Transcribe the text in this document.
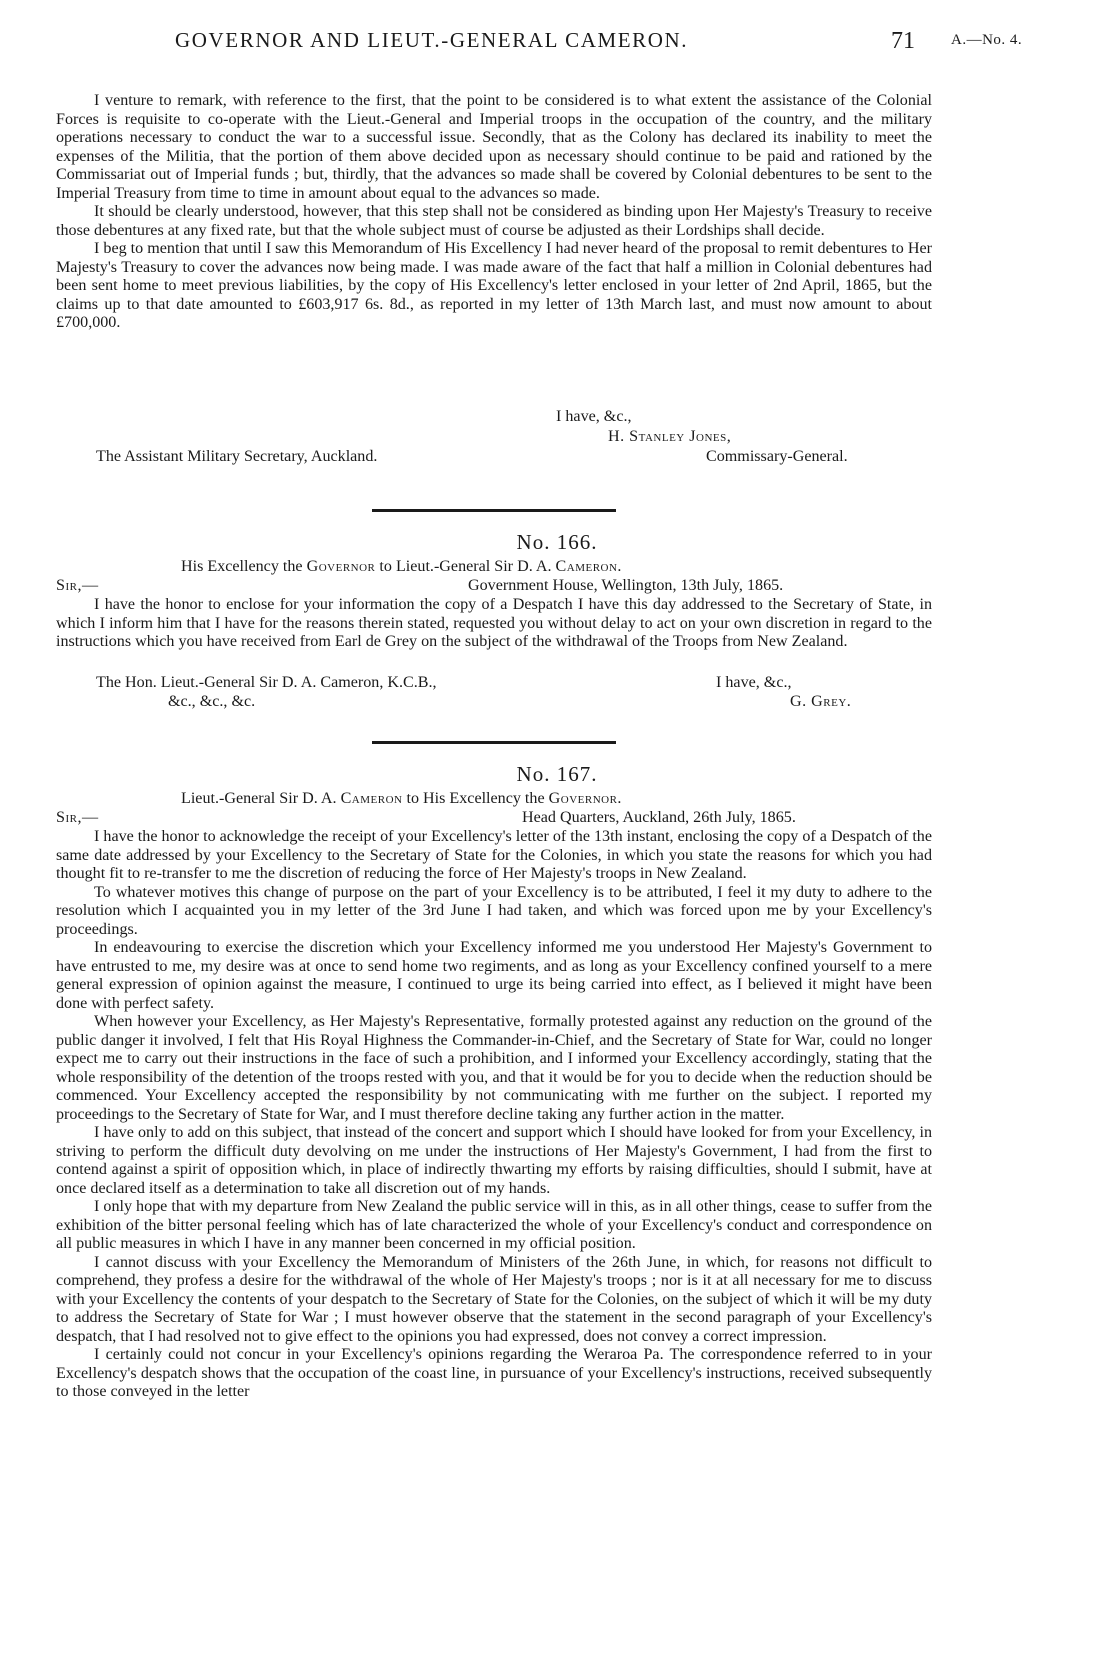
GOVERNOR AND LIEUT.-GENERAL CAMERON.	71 A.—No. 4.

I venture to remark, with reference to the first, that the point to be considered is to what extent the assistance of the Colonial Forces is requisite to co-operate with the Lieut.-General and Imperial troops in the occupation of the country, and the military operations necessary to conduct the war to a successful issue. Secondly, that as the Colony has declared its inability to meet the expenses of the Militia, that the portion of them above decided upon as necessary should continue to be paid and rationed by the Commissariat out of Imperial funds ; but, thirdly, that the advances so made shall be covered by Colonial debentures to be sent to the Imperial Treasury from time to time in amount about equal to the advances so made.

It should be clearly understood, however, that this step shall not be considered as binding upon Her Majesty's Treasury to receive those debentures at any fixed rate, but that the whole subject must of course be adjusted as their Lordships shall decide.

I beg to mention that until I saw this Memorandum of His Excellency I had never heard of the proposal to remit debentures to Her Majesty's Treasury to cover the advances now being made. I was made aware of the fact that half a million in Colonial debentures had been sent home to meet previous liabilities, by the copy of His Excellency's letter enclosed in your letter of 2nd April, 1865, but the claims up to that date amounted to £603,917 6s. 8d., as reported in my letter of 13th March last, and must now amount to about £700,000.

I have, &c.,
H. Stanley Jones,
The Assistant Military Secretary, Auckland.	Commissary-General.
No. 166.
His Excellency the Governor to Lieut.-General Sir D. A. Cameron.
Sir,—	Government House, Wellington, 13th July, 1865.

I have the honor to enclose for your information the copy of a Despatch I have this day addressed to the Secretary of State, in which I inform him that I have for the reasons therein stated, requested you without delay to act on your own discretion in regard to the instructions which you have received from Earl de Grey on the subject of the withdrawal of the Troops from New Zealand.

The Hon. Lieut.-General Sir D. A. Cameron, K.C.B.,	I have, &c.,
&c., &c., &c.	G. Grey.
No. 167.
Lieut.-General Sir D. A. Cameron to His Excellency the Governor.
Sir,—	Head Quarters, Auckland, 26th July, 1865.

I have the honor to acknowledge the receipt of your Excellency's letter of the 13th instant, enclosing the copy of a Despatch of the same date addressed by your Excellency to the Secretary of State for the Colonies, in which you state the reasons for which you had thought fit to re-transfer to me the discretion of reducing the force of Her Majesty's troops in New Zealand.

To whatever motives this change of purpose on the part of your Excellency is to be attributed, I feel it my duty to adhere to the resolution which I acquainted you in my letter of the 3rd June I had taken, and which was forced upon me by your Excellency's proceedings.

In endeavouring to exercise the discretion which your Excellency informed me you understood Her Majesty's Government to have entrusted to me, my desire was at once to send home two regiments, and as long as your Excellency confined yourself to a mere general expression of opinion against the measure, I continued to urge its being carried into effect, as I believed it might have been done with perfect safety.

When however your Excellency, as Her Majesty's Representative, formally protested against any reduction on the ground of the public danger it involved, I felt that His Royal Highness the Commander-in-Chief, and the Secretary of State for War, could no longer expect me to carry out their instructions in the face of such a prohibition, and I informed your Excellency accordingly, stating that the whole responsibility of the detention of the troops rested with you, and that it would be for you to decide when the reduction should be commenced. Your Excellency accepted the responsibility by not communicating with me further on the subject. I reported my proceedings to the Secretary of State for War, and I must therefore decline taking any further action in the matter.

I have only to add on this subject, that instead of the concert and support which I should have looked for from your Excellency, in striving to perform the difficult duty devolving on me under the instructions of Her Majesty's Government, I had from the first to contend against a spirit of opposition which, in place of indirectly thwarting my efforts by raising difficulties, should I submit, have at once declared itself as a determination to take all discretion out of my hands.

I only hope that with my departure from New Zealand the public service will in this, as in all other things, cease to suffer from the exhibition of the bitter personal feeling which has of late characterized the whole of your Excellency's conduct and correspondence on all public measures in which I have in any manner been concerned in my official position.

I cannot discuss with your Excellency the Memorandum of Ministers of the 26th June, in which, for reasons not difficult to comprehend, they profess a desire for the withdrawal of the whole of Her Majesty's troops ; nor is it at all necessary for me to discuss with your Excellency the contents of your despatch to the Secretary of State for the Colonies, on the subject of which it will be my duty to address the Secretary of State for War ; I must however observe that the statement in the second paragraph of your Excellency's despatch, that I had resolved not to give effect to the opinions you had expressed, does not convey a correct impression.

I certainly could not concur in your Excellency's opinions regarding the Weraroa Pa. The correspondence referred to in your Excellency's despatch shows that the occupation of the coast line, in pursuance of your Excellency's instructions, received subsequently to those conveyed in the letter
